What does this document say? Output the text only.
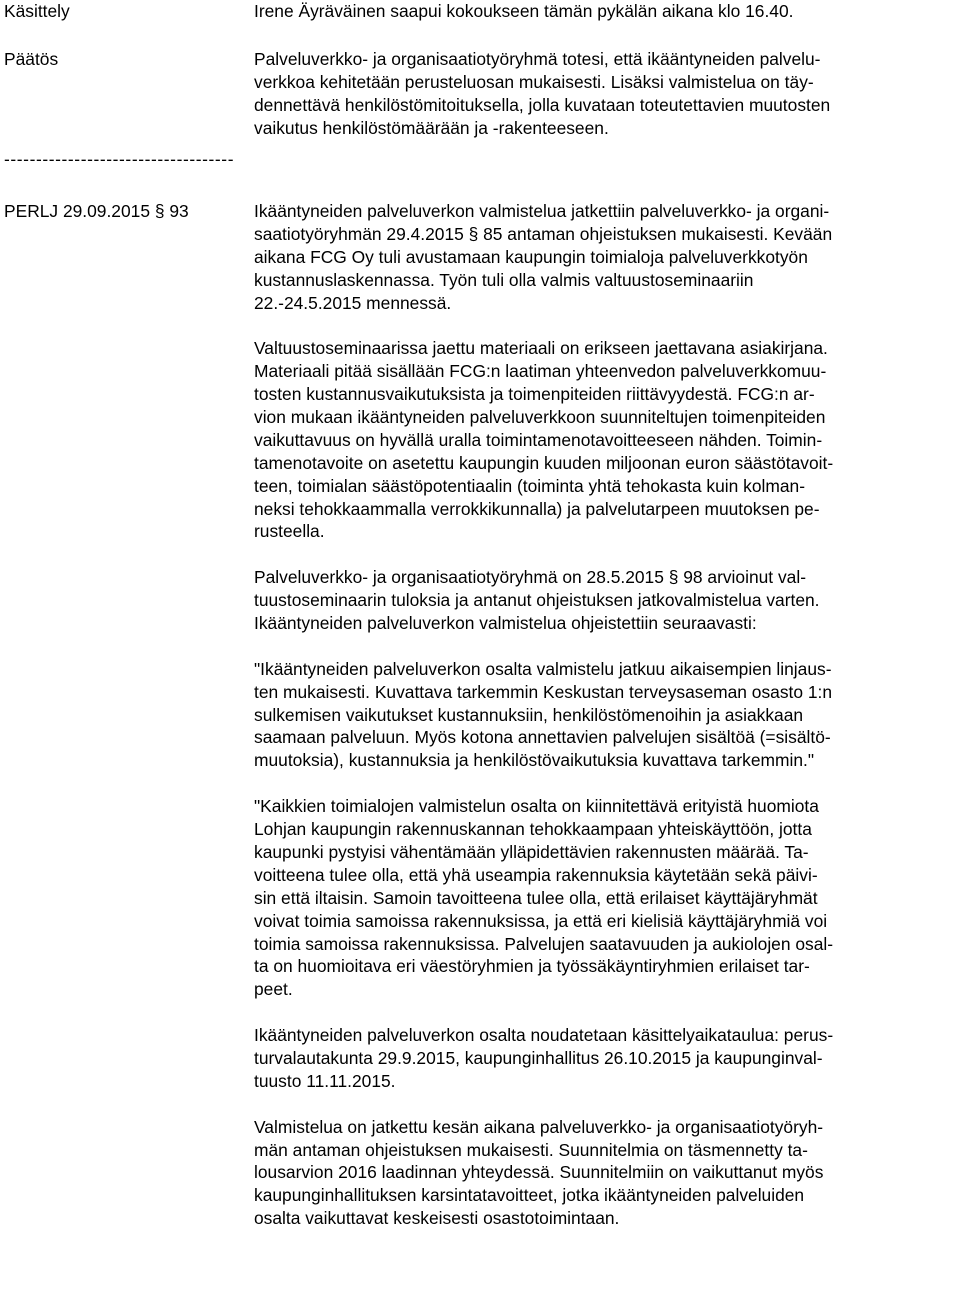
Käsittely	Irene Äyräväinen saapui kokoukseen tämän pykälän aikana klo 16.40.
Päätös	Palveluverkko- ja organisaatiotyöryhmä totesi, että ikääntyneiden palvelu-
verkkoa kehitetään perusteluosan mukaisesti. Lisäksi valmistelua on täy-
dennettävä henkilöstömitoituksella, jolla kuvataan toteutettavien muutosten
vaikutus henkilöstömäärään ja -rakenteeseen.
------------------------------------
PERLJ 29.09.2015 § 93	Ikääntyneiden palveluverkon valmistelua jatkettiin palveluverkko- ja organi-
saatiotyöryhmän 29.4.2015 § 85 antaman ohjeistuksen mukaisesti. Kevään
aikana FCG Oy tuli avustamaan kaupungin toimialoja palveluverkkotyön
kustannuslaskennassa. Työn tuli olla valmis valtuustoseminaariin
22.-24.5.2015 mennessä.
Valtuustoseminaarissa jaettu materiaali on erikseen jaettavana asiakirjana.
Materiaali pitää sisällään FCG:n laatiman yhteenvedon palveluverkkomuu-
tosten kustannusvaikutuksista ja toimenpiteiden riittävyydestä. FCG:n ar-
vion mukaan ikääntyneiden palveluverkkoon suunniteltujen toimenpiteiden
vaikuttavuus on hyvällä uralla toimintamenotavoitteeseen nähden. Toimin-
tamenotavoite on asetettu kaupungin kuuden miljoonan euron säästötavoit-
teen, toimialan säästöpotentiaalin (toiminta yhtä tehokasta kuin kolman-
neksi tehokkaammalla verrokkikunnalla) ja palvelutarpeen muutoksen pe-
rusteella.
Palveluverkko- ja organisaatiotyöryhmä on 28.5.2015 § 98 arvioinut val-
tuustoseminaarin tuloksia ja antanut ohjeistuksen jatkovalmistelua varten.
Ikääntyneiden palveluverkon valmistelua ohjeistettiin seuraavasti:
"Ikääntyneiden palveluverkon osalta valmistelu jatkuu aikaisempien linjaus-
ten mukaisesti. Kuvattava tarkemmin Keskustan terveysaseman osasto 1:n
sulkemisen vaikutukset kustannuksiin, henkilöstömenoihin ja asiakkaan
saamaan palveluun. Myös kotona annettavien palvelujen sisältöä (=sisältö-
muutoksia), kustannuksia ja henkilöstövaikutuksia kuvattava tarkemmin."
"Kaikkien toimialojen valmistelun osalta on kiinnitettävä erityistä huomiota
Lohjan kaupungin rakennuskannan tehokkaampaan yhteiskäyttöön, jotta
kaupunki pystyisi vähentämään ylläpidettävien rakennusten määrää. Ta-
voitteena tulee olla, että yhä useampia rakennuksia käytetään sekä päivi-
sin että iltaisin. Samoin tavoitteena tulee olla, että erilaiset käyttäjäryhmät
voivat toimia samoissa rakennuksissa, ja että eri kielisiä käyttäjäryhmiä voi
toimia samoissa rakennuksissa. Palvelujen saatavuuden ja aukiolojen osal-
ta on huomioitava eri väestöryhmien ja työssäkäyntiryhmien erilaiset tar-
peet.
Ikääntyneiden palveluverkon osalta noudatetaan käsittelyaikataulua: perus-
turvalautakunta 29.9.2015, kaupunginhallitus 26.10.2015 ja kaupunginval-
tuusto 11.11.2015.
Valmistelua on jatkettu kesän aikana palveluverkko- ja organisaatiotyöryh-
män antaman ohjeistuksen mukaisesti. Suunnitelmia on täsmennetty ta-
lousarvion 2016 laadinnan yhteydessä. Suunnitelmiin on vaikuttanut myös
kaupunginhallituksen karsintatavoitteet, jotka ikääntyneiden palveluiden
osalta vaikuttavat keskeisesti osastotoimintaan.
